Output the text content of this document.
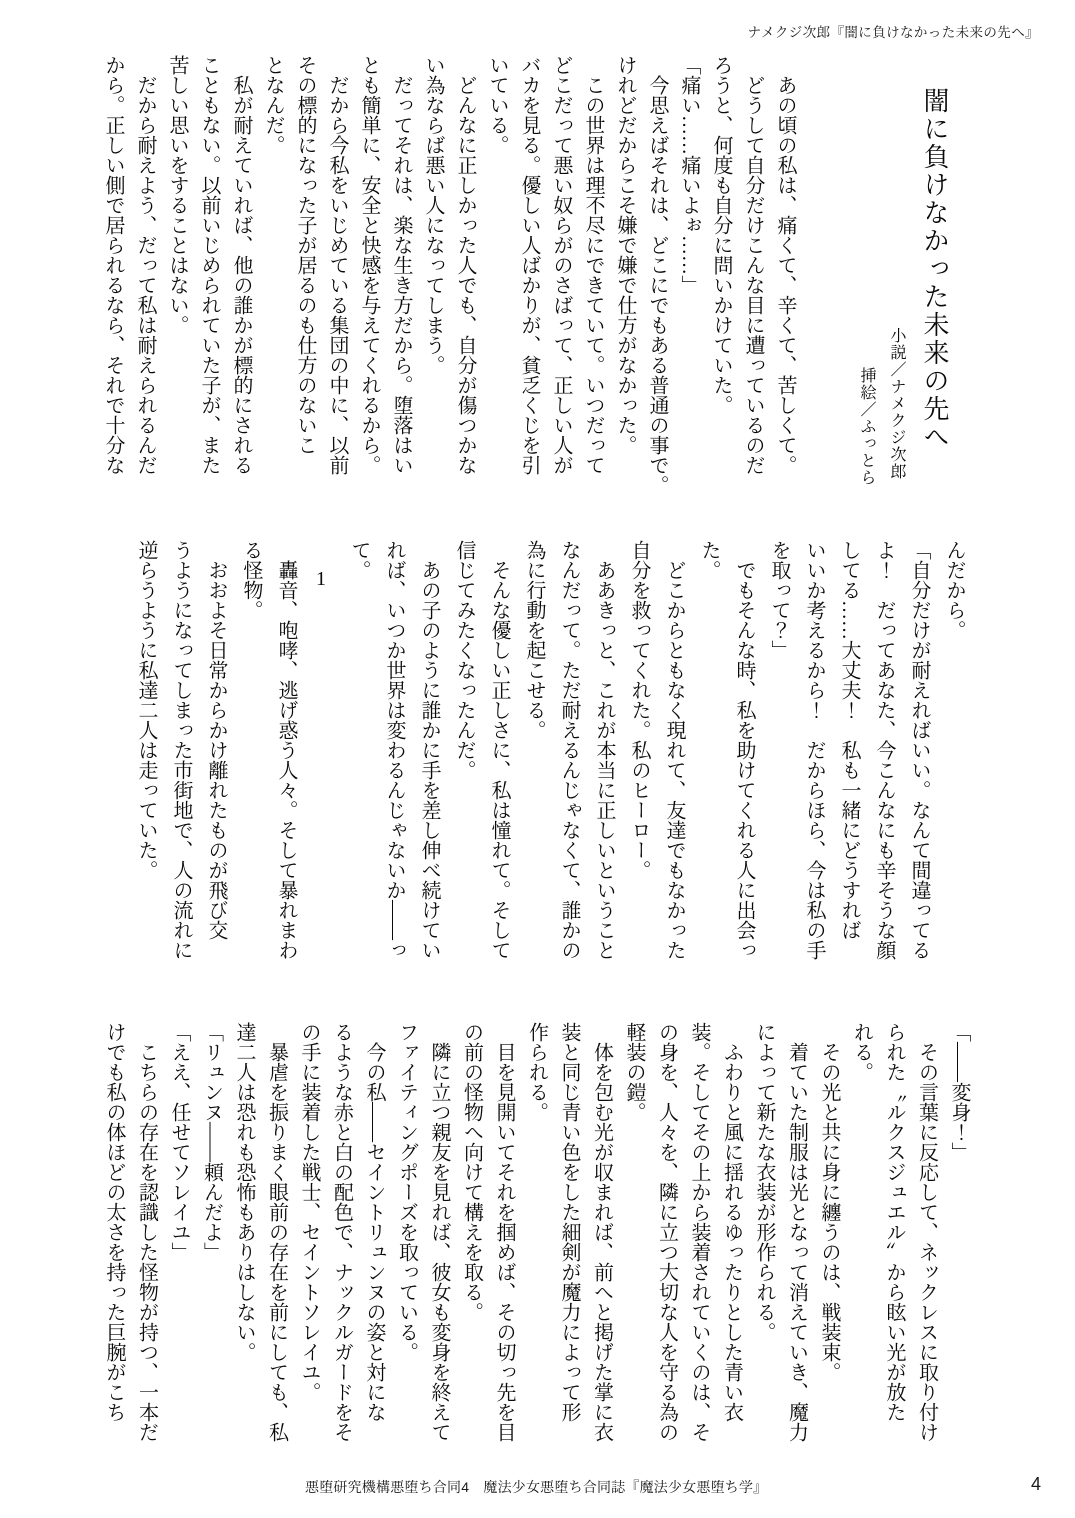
ナメクジ次郎『闇に負けなかった未来の先へ』
闇に負けなかった未来の先へ

小説／ナメクジ次郎

挿絵／ふっとら

　あの頃の私は、痛くて、辛くて、苦しくて。

　どうして自分だけこんな目に遭っているのだ

ろうと、何度も自分に問いかけていた。

「痛い……痛いよぉ……」

　今思えばそれは、どこにでもある普通の事で。

けれどだからこそ嫌で嫌で仕方がなかった。

　この世界は理不尽にできていて。いつだって

どこだって悪い奴らがのさばって、正しい人が

バカを見る。優しい人ばかりが、貧乏くじを引

いている。

　どんなに正しかった人でも、自分が傷つかな

い為ならば悪い人になってしまう。

　だってそれは、楽な生き方だから。堕落はい

とも簡単に、安全と快感を与えてくれるから。

　だから今私をいじめている集団の中に、以前

その標的になった子が居るのも仕方のないこ

となんだ。

　私が耐えていれば、他の誰かが標的にされる

こともない。以前いじめられていた子が、また

苦しい思いをすることはない。

　だから耐えよう、だって私は耐えられるんだ

から。正しい側で居られるなら、それで十分な

んだから。

「自分だけが耐えればいい。なんて間違ってる

よ！　だってあなた、今こんなにも辛そうな顔

してる……大丈夫！　私も一緒にどうすれば

いいか考えるから！　だからほら、今は私の手

を取って？」

　でもそんな時、私を助けてくれる人に出会っ

た。

　どこからともなく現れて、友達でもなかった

自分を救ってくれた。私のヒーロー。

　ああきっと、これが本当に正しいということ

なんだって。ただ耐えるんじゃなくて、誰かの

為に行動を起こせる。

　そんな優しい正しさに、私は憧れて。そして

信じてみたくなったんだ。

　あの子のように誰かに手を差し伸べ続けてい

れば、いつか世界は変わるんじゃないか――っ

て。

1

　轟音、咆哮、逃げ惑う人々。そして暴れまわ

る怪物。

　おおよそ日常からかけ離れたものが飛び交

うようになってしまった市街地で、人の流れに

逆らうように私達二人は走っていた。

「――変身！」

　その言葉に反応して、ネックレスに取り付け

られた〝ルクスジュエル〟から眩い光が放た

れる。

　その光と共に身に纏うのは、戦装束。

　着ていた制服は光となって消えていき、魔力

によって新たな衣装が形作られる。

　ふわりと風に揺れるゆったりとした青い衣

装。そしてその上から装着されていくのは、そ

の身を、人々を、隣に立つ大切な人を守る為の

軽装の鎧。

　体を包む光が収まれば、前へと掲げた掌に衣

装と同じ青い色をした細剣が魔力によって形

作られる。

　目を見開いてそれを掴めば、その切っ先を目

の前の怪物へ向けて構えを取る。

　隣に立つ親友を見れば、彼女も変身を終えて

ファイティングポーズを取っている。

　今の私――セイントリュンヌの姿と対にな

るような赤と白の配色で、ナックルガードをそ

の手に装着した戦士、セイントソレイユ。

　暴虐を振りまく眼前の存在を前にしても、私

達二人は恐れも恐怖もありはしない。

「リュンヌ――頼んだよ」

「ええ、任せてソレイユ」

　こちらの存在を認識した怪物が持つ、一本だ

けでも私の体ほどの太さを持った巨腕がこち

悪堕研究機構悪堕ち合同4　魔法少女悪堕ち合同誌『魔法少女悪堕ち学』	4
